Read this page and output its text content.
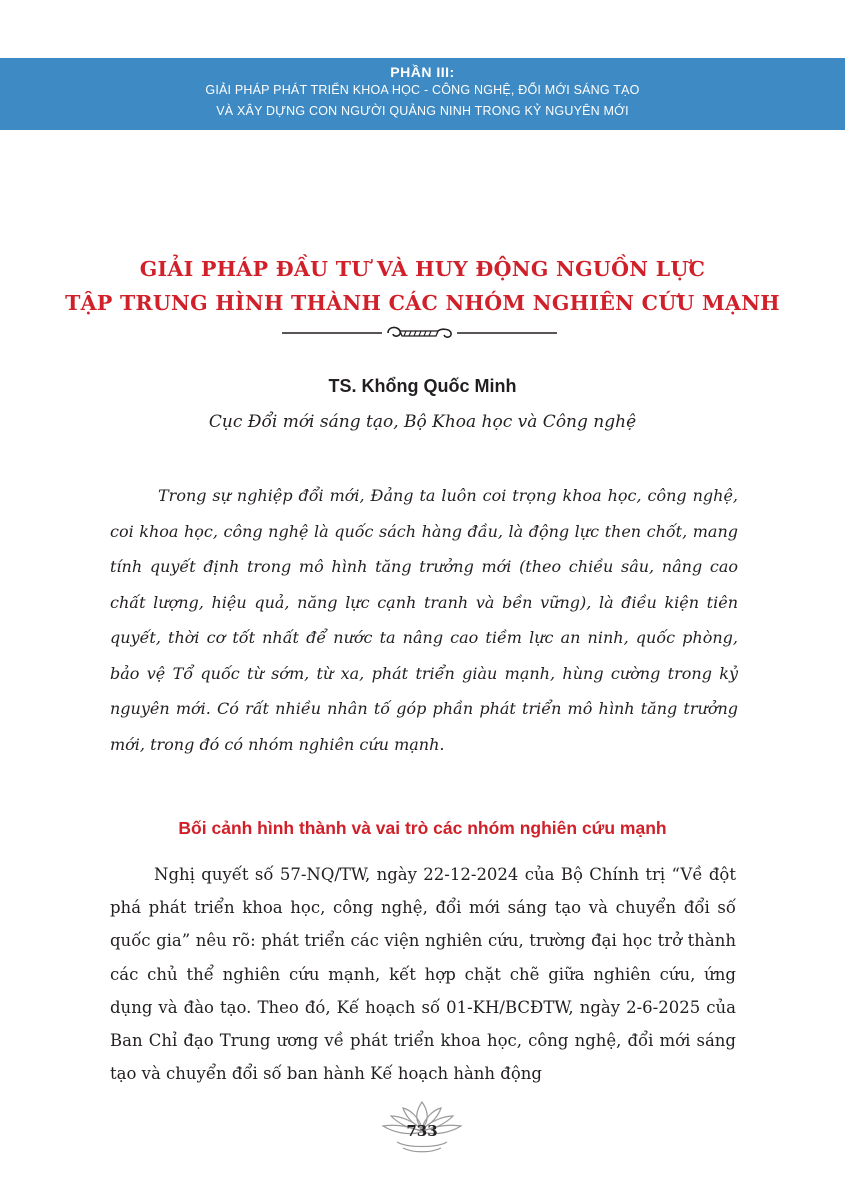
PHẦN III:
GIẢI PHÁP PHÁT TRIỂN KHOA HỌC - CÔNG NGHỆ, ĐỔI MỚI SÁNG TẠO
VÀ XÂY DỰNG CON NGƯỜI QUẢNG NINH TRONG KỶ NGUYÊN MỚI
GIẢI PHÁP ĐẦU TƯ VÀ HUY ĐỘNG NGUỒN LỰC
TẬP TRUNG HÌNH THÀNH CÁC NHÓM NGHIÊN CỨU MẠNH
TS. Khổng Quốc Minh
Cục Đổi mới sáng tạo, Bộ Khoa học và Công nghệ
Trong sự nghiệp đổi mới, Đảng ta luôn coi trọng khoa học, công nghệ, coi khoa học, công nghệ là quốc sách hàng đầu, là động lực then chốt, mang tính quyết định trong mô hình tăng trưởng mới (theo chiều sâu, nâng cao chất lượng, hiệu quả, năng lực cạnh tranh và bền vững), là điều kiện tiên quyết, thời cơ tốt nhất để nước ta nâng cao tiềm lực an ninh, quốc phòng, bảo vệ Tổ quốc từ sớm, từ xa, phát triển giàu mạnh, hùng cường trong kỷ nguyên mới. Có rất nhiều nhân tố góp phần phát triển mô hình tăng trưởng mới, trong đó có nhóm nghiên cứu mạnh.
Bối cảnh hình thành và vai trò các nhóm nghiên cứu mạnh
Nghị quyết số 57-NQ/TW, ngày 22-12-2024 của Bộ Chính trị “Về đột phá phát triển khoa học, công nghệ, đổi mới sáng tạo và chuyển đổi số quốc gia” nêu rõ: phát triển các viện nghiên cứu, trường đại học trở thành các chủ thể nghiên cứu mạnh, kết hợp chặt chẽ giữa nghiên cứu, ứng dụng và đào tạo. Theo đó, Kế hoạch số 01-KH/BCĐTW, ngày 2-6-2025 của Ban Chỉ đạo Trung ương về phát triển khoa học, công nghệ, đổi mới sáng tạo và chuyển đổi số ban hành Kế hoạch hành động
733
